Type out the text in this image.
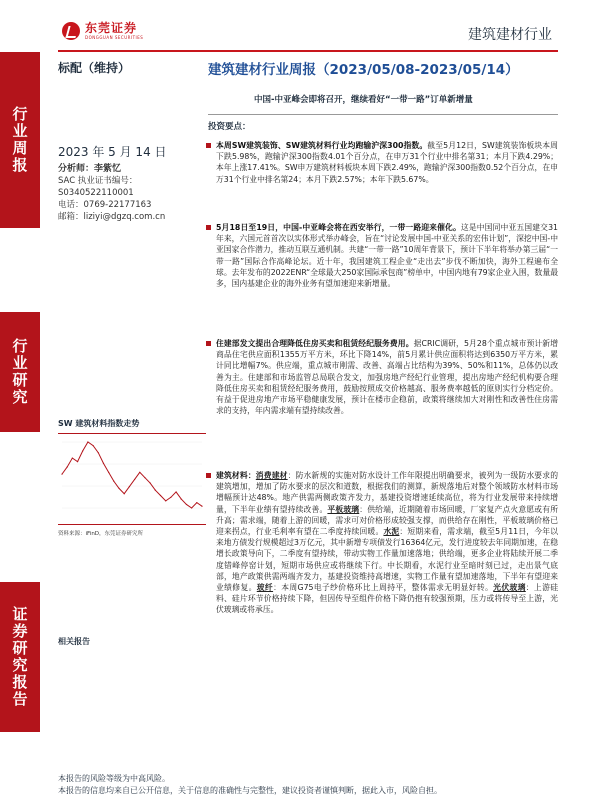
东莞证券
DONGGUAN SECURITIES	建筑建材行业
行业周报
行业研究
证券研究报告
标配（维持）
2023 年 5 月 14 日
分析师：李紫忆
SAC 执业证书编号：
S0340522110001
电话：0769-22177163
邮箱：liziyi@dgzq.com.cn
SW 建筑材料指数走势
资料来源：iFinD，东莞证券研究所
相关报告
建筑建材行业周报（2023/05/08-2023/05/14）
中国-中亚峰会即将召开，继续看好“一带一路”订单新增量
投资要点：
本周SW建筑装饰、SW建筑材料行业均跑输沪深300指数。截至5月12日，SW建筑装饰板块本周下跌5.98%，跑输沪深300指数4.01个百分点，在申万31个行业中排名第31；本月下跌4.29%；本年上涨17.41%。SW申万建筑材料板块本周下跌2.49%，跑输沪深300指数0.52个百分点，在申万31个行业中排名第24；本月下跌2.57%；本年下跌5.67%。
5月18日至19日，中国-中亚峰会将在西安举行，一带一路迎来催化。这是中国同中亚五国建交31年来，六国元首首次以实体形式举办峰会，旨在“讨论发展中国-中亚关系的宏伟计划”，深挖中国-中亚国家合作潜力，推动互联互通机制。共建“一带一路”10周年背景下，预计下半年将举办第三届“一带一路”国际合作高峰论坛。近十年，我国建筑工程企业“走出去”步伐不断加快，海外工程遍布全球。去年发布的2022ENR“全球最大250家国际承包商”榜单中，中国内地有79家企业入围，数量最多，国内基建企业的海外业务有望加速迎来新增量。
住建部发文提出合理降低住房买卖和租赁经纪服务费用。据CRIC调研，5月28个重点城市预计新增商品住宅供应面积1355万平方米，环比下降14%，前5月累计供应面积将达到6350万平方米，累计同比增幅7%。供应端，重点城市刚需、改善、高端占比结构为39%、50%和11%，总体仍以改善为主。住建部和市场监管总局联合发文，加强房地产经纪行业管理，提出房地产经纪机构要合理降低住房买卖和租赁经纪服务费用，鼓励按照成交价格越高、服务费率越低的原则实行分档定价。有益于促进房地产市场平稳健康发展，预计在楼市企稳前，政策将继续加大对刚性和改善性住房需求的支持，年内需求端有望持续改善。
建筑材料：消费建材：防水新规的实施对防水设计工作年限提出明确要求，被列为一级防水要求的建筑增加，增加了防水要求的层次和道数，根据我们的测算，新规落地后对整个领域防水材料市场增幅预计达48%。地产供需两侧政策齐发力，基建投资增速延续高位，将为行业发展带来持续增量，下半年业绩有望持续改善。平板玻璃：供给端，近期随着市场回暖，厂家复产点火意愿或有所升高；需求端，随着上游的回暖，需求可对价格形成较强支撑，而供给存在刚性，平板玻璃价格已迎来拐点，行业毛利率有望在二季度持续回暖。水泥：短期来看，需求端，截至5月11日，今年以来地方债发行规模超过3万亿元，其中新增专项债发行16364亿元，发行进度较去年同期加速，在稳增长政策导向下，二季度有望持续，带动实物工作量加速落地；供给端，更多企业将陆续开展二季度错峰停窑计划，短期市场供应或将继续下行。中长期看，水泥行业至暗时刻已过，走出景气底部，地产政策供需两端齐发力，基建投资维持高增速，实物工作量有望加速落地，下半年有望迎来业绩修复。玻纤：本周G75电子纱价格环比上周持平，整体需求无明显好转。光伏玻璃：上游硅料、硅片环节价格持续下降，但因传导至组件价格下降仍抱有较强预期，压力或将传导至上游，光伏玻璃或将承压。
本报告的风险等级为中高风险。
本报告的信息均来自已公开信息，关于信息的准确性与完整性，建议投资者谨慎判断，据此入市，风险自担。
